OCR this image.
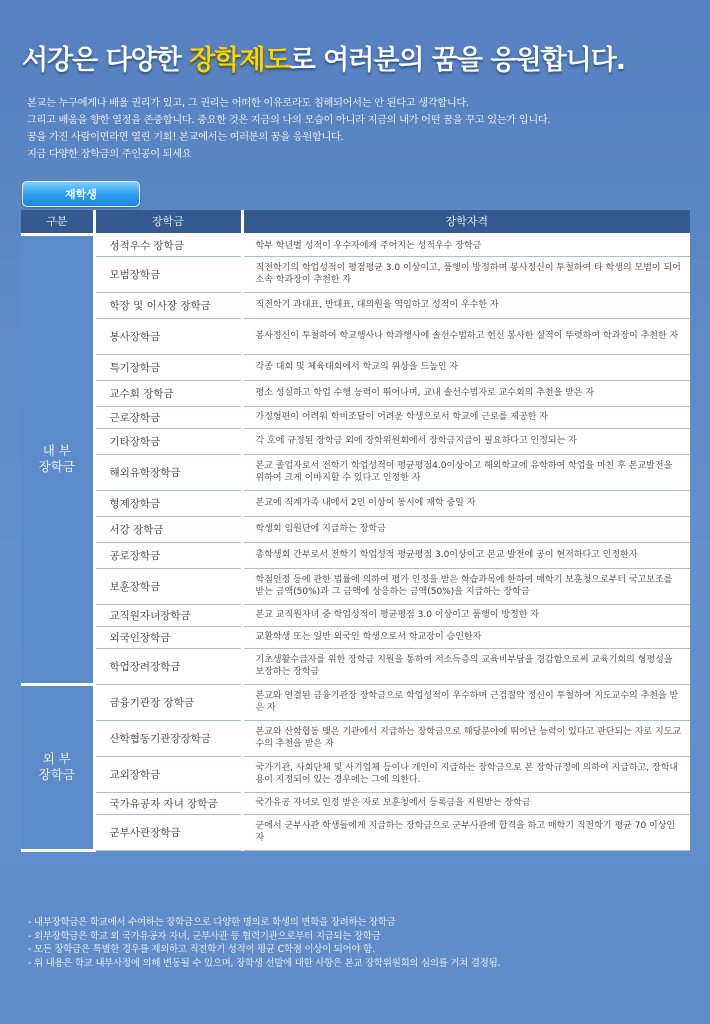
서강은 다양한 장학제도로 여러분의 꿈을 응원합니다.
본교는 누구에게나 배울 권리가 있고, 그 권리는 어떠한 이유로라도 침해되어서는 안 된다고 생각합니다.
그리고 배움을 향한 열정을 존중합니다. 중요한 것은 지금의 나의 모습이 아니라 지금의 내가 어떤 꿈을 꾸고 있는가 입니다.
꿈을 가진 사람이면라면 열린 기회! 본교에서는 여러분의 꿈을 응원합니다.
지금 다양한 장학금의 주인공이 되세요
재학생
구분	장학금	장학자격

내 부
장학금	성적우수 장학금	학부 학년별 성적이 우수자에게 주어지는 성적우수 장학금
	모범장학금	직전학기의 학업성적이 평점평균 3.0 이상이고, 품행이 방정하며 봉사정신이 투철하여 타 학생의 모범이 되어 소속 학과장이 추천한 자
	학장 및 이사장 장학금	직전학기 과대표, 반대표, 대의원을 역임하고 성적이 우수한 자
	봉사장학금	봉사정신이 투철하여 학교행사나 학과행사에 솔선수범하고 헌신 봉사한 실적이 뚜렷하여 학과장이 추천한 자
	특기장학금	각종 대회 및 체육대회에서 학교의 위상을 드높인 자
	교수회 장학금	평소 성실하고 학업 수행 능력이 뛰어나며, 교내 솔선수범자로 교수회의 추천을 받은 자
	근로장학금	가정형편이 어려워 학비조달이 어려운 학생으로서 학교에 근로를 제공한 자
	기타장학금	각 호에 규정된 장학금 외에 장학위원회에서 장학금지급이 필요하다고 인정되는 자
	해외유학장학금	본교 졸업자로서 전학기 학업성적이 평균평점4.0이상이고 해외학교에 유학하여 학업을 마친 후 본교발전을 위하여 크게 이바지할 수 있다고 인정한 자
	형제장학금	본교에 직계가족 내에서 2인 이상이 동시에 재학 중일 자
	서강 장학금	학생회 임원단에 지급하는 장학금
	공로장학금	총학생회 간부로서 전학기 학업성적 평균평점 3.0이상이고 본교 발전에 공이 현저하다고 인정한자
	보훈장학금	학점인정 등에 관한 법률에 의하여 평가 인정을 받은 학습과목에 한하여 매학기 보훈청으로부터 국고보조를 받는 금액(50%)과 그 금액에 상응하는 금액(50%)을 지급하는 장학금
	교직원자녀장학금	본교 교직원자녀 중 학업성적이 평균평점 3.0 이상이고 품행이 방정한 자
	외국인장학금	교환학생 또는 일반 외국인 학생으로서 학교장이 승인한자
	학업장려장학금	기초생활수급자를 위한 장학금 지원을 통하여 저소득층의 교육비부담을 경감함으로써 교육기회의 형평성을 보장하는 장학금

외 부
장학금	금융기관장 장학금	본교와 연결된 금융기관장 장학금으로 학업성적이 우수하며 근검절약 정신이 투철하여 지도교수의 추천을 받은 자
	산학협동기관장장학금	본교와 산학협동 맺은 기관에서 지급하는 장학금으로 해당분야에 뛰어난 능력이 있다고 판단되는 자로 지도교수의 추천을 받은 자
	교외장학금	국가기관, 사회단체 및 사기업체 등이나 개인이 지급하는 장학금으로 본 장학규정에 의하여 지급하고, 장학내용이 지정되어 있는 경우에는 그에 의한다.
	국가유공자 자녀 장학금	국가유공 자녀로 인정 받은 자로 보훈청에서 등록금을 지원받는 장학금
	군부사관장학금	군에서 군부사관 학생들에게 지급하는 장학금으로 군부사관에 합격을 하고 매학기 직전학기 평균 70 이상인 자
- 내부장학금은 학교에서 수여하는 장학금으로 다양한 명의로 학생의 면학을 장려하는 장학금
- 외부장학금은 학교 외 국가유공자 자녀, 군부사관 등 협력기관으로부터 지급되는 장학금
- 모든 장학금은 특별한 경우를 제외하고 직전학기 성적이 평균 C학점 이상이 되어야 함.
- 위 내용은 학교 내부사정에 의해 변동될 수 있으며, 장학생 선발에 대한 사항은 본교 장학위원회의 심의를 거쳐 결정됨.
